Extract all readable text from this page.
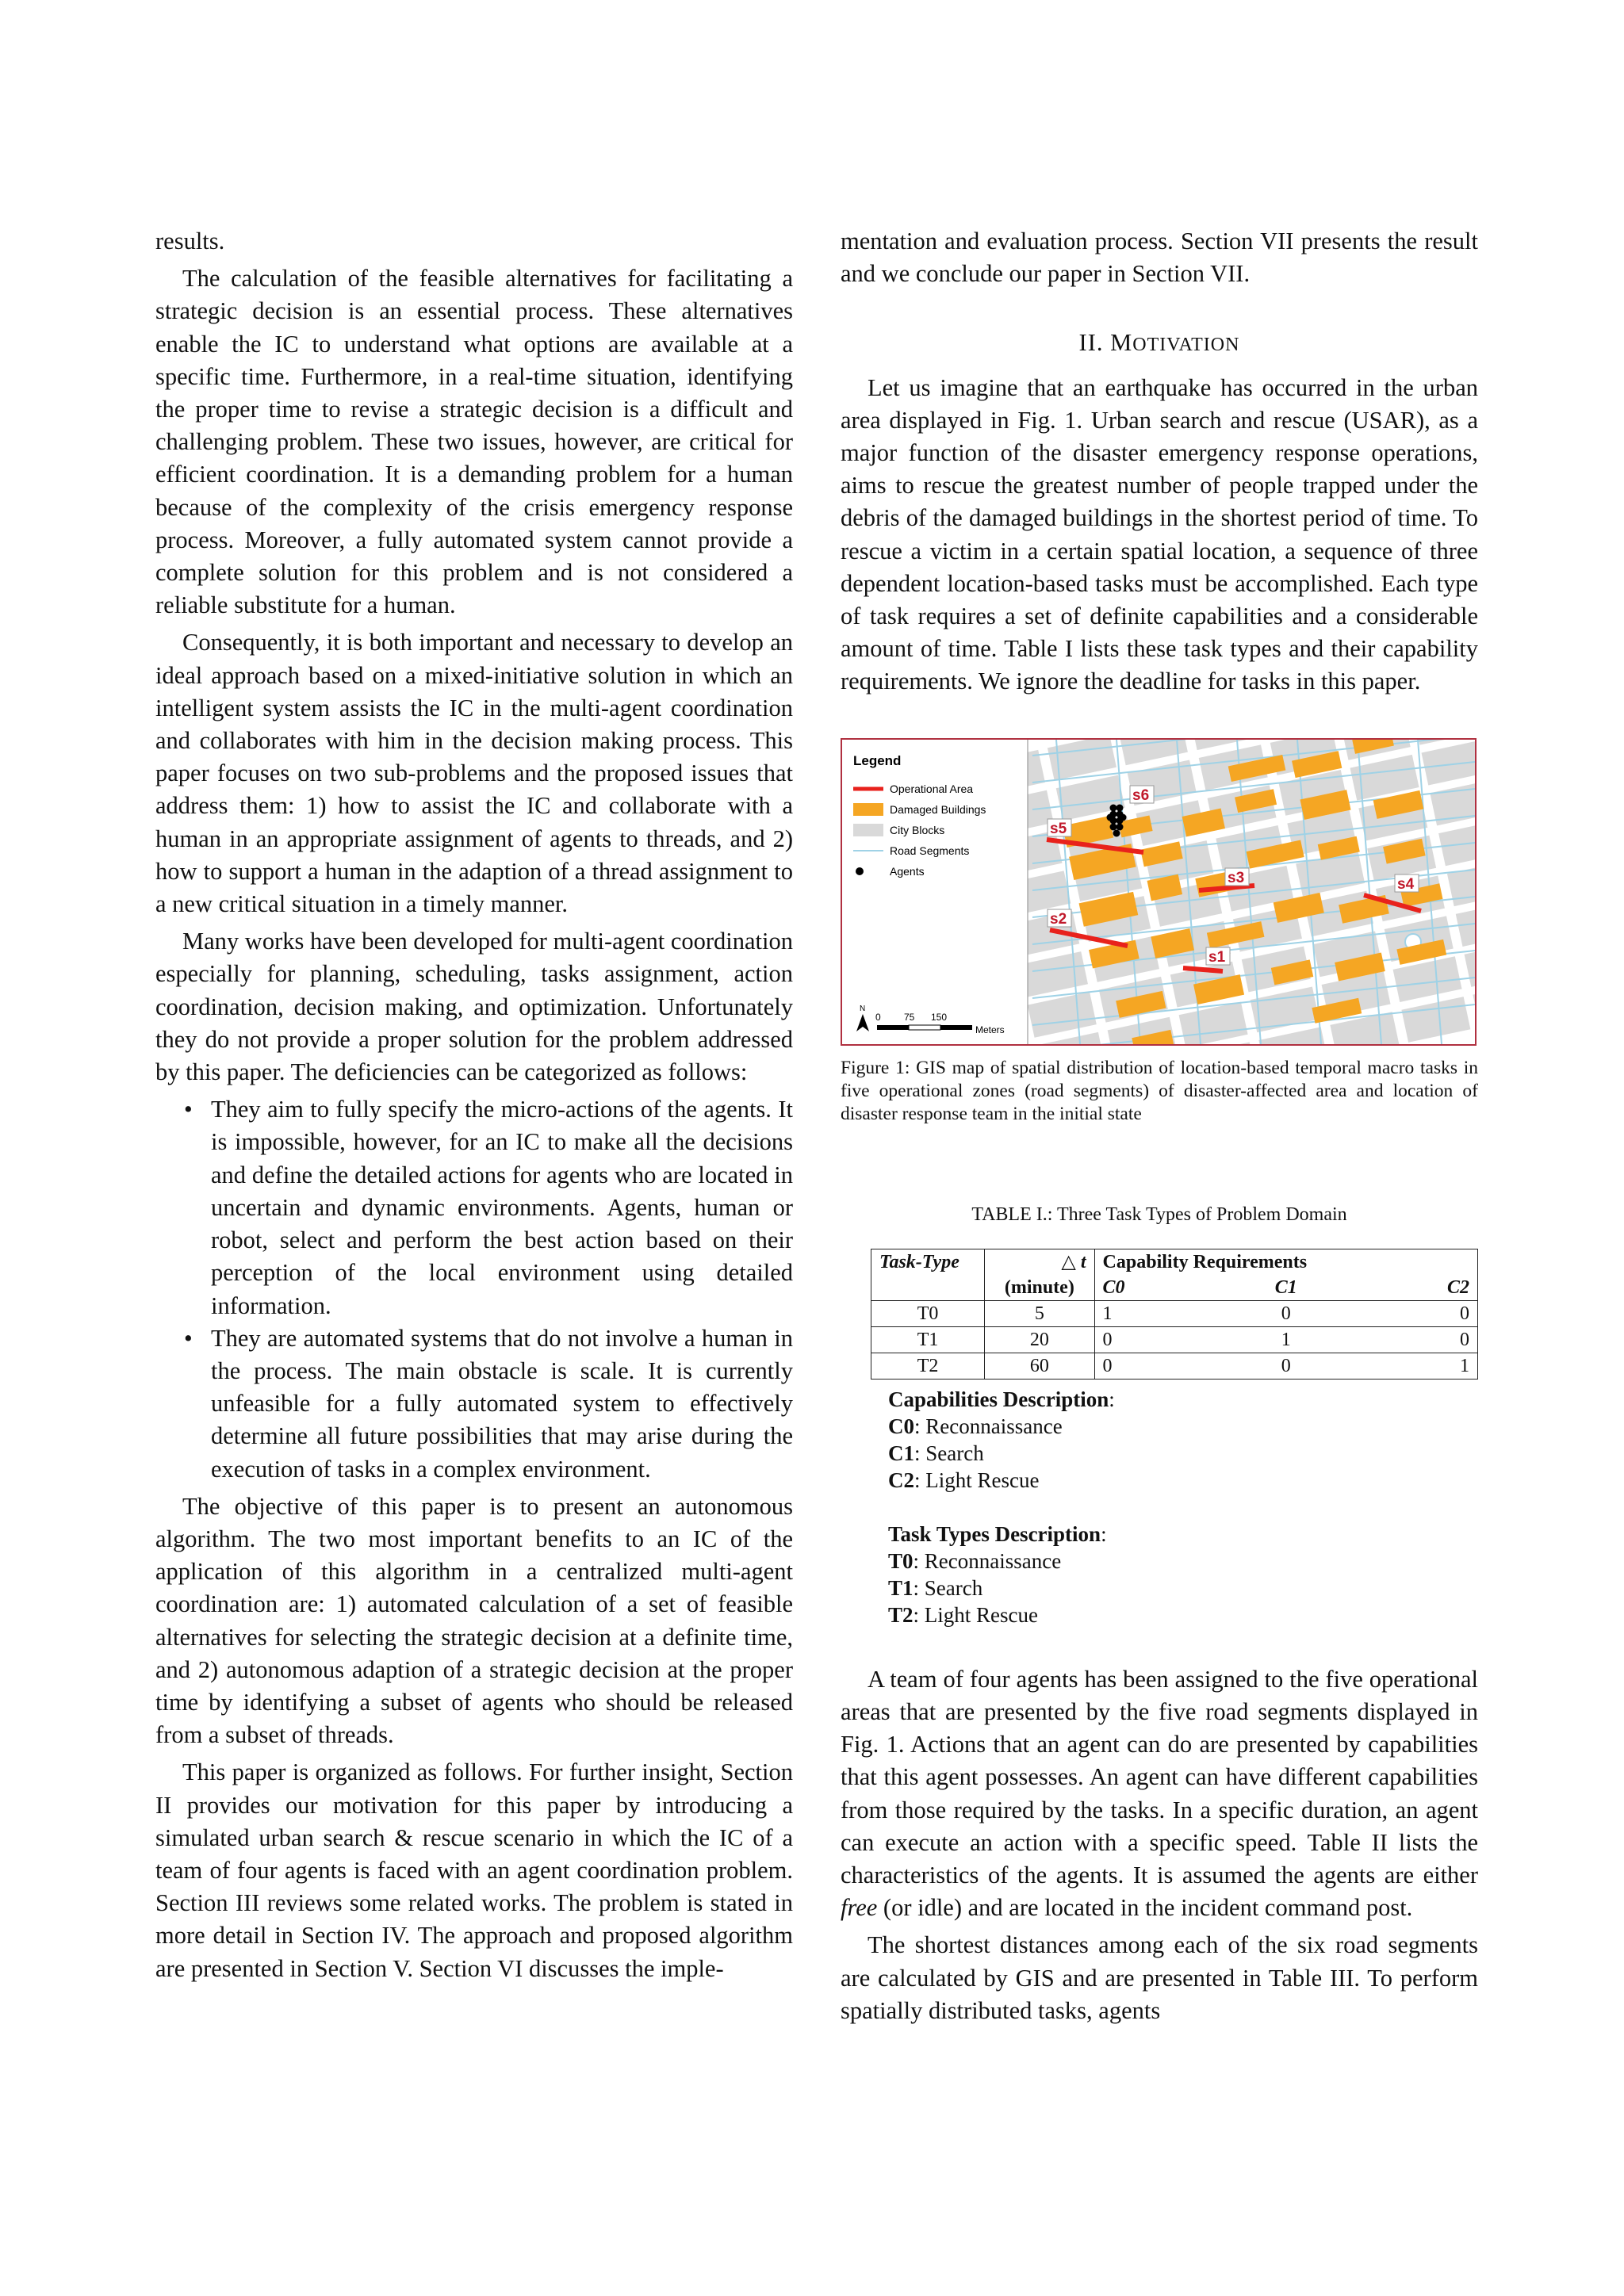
results.

The calculation of the feasible alternatives for facilitating a strategic decision is an essential process. These alternatives enable the IC to understand what options are available at a specific time. Furthermore, in a real-time situation, identifying the proper time to revise a strategic decision is a difficult and challenging problem. These two issues, however, are critical for efficient coordination. It is a demanding problem for a human because of the complexity of the crisis emergency response process. Moreover, a fully automated system cannot provide a complete solution for this problem and is not considered a reliable substitute for a human.

Consequently, it is both important and necessary to develop an ideal approach based on a mixed-initiative solution in which an intelligent system assists the IC in the multi-agent coordination and collaborates with him in the decision making process. This paper focuses on two sub-problems and the proposed issues that address them: 1) how to assist the IC and collaborate with a human in an appropriate assignment of agents to threads, and 2) how to support a human in the adaption of a thread assignment to a new critical situation in a timely manner.

Many works have been developed for multi-agent coordination especially for planning, scheduling, tasks assignment, action coordination, decision making, and optimization. Unfortunately they do not provide a proper solution for the problem addressed by this paper. The deficiencies can be categorized as follows:

• They aim to fully specify the micro-actions of the agents. It is impossible, however, for an IC to make all the decisions and define the detailed actions for agents who are located in uncertain and dynamic environments. Agents, human or robot, select and perform the best action based on their perception of the local environment using detailed information.
• They are automated systems that do not involve a human in the process. The main obstacle is scale. It is currently unfeasible for a fully automated system to effectively determine all future possibilities that may arise during the execution of tasks in a complex environment.

The objective of this paper is to present an autonomous algorithm. The two most important benefits to an IC of the application of this algorithm in a centralized multi-agent coordination are: 1) automated calculation of a set of feasible alternatives for selecting the strategic decision at a definite time, and 2) autonomous adaption of a strategic decision at the proper time by identifying a subset of agents who should be released from a subset of threads.

This paper is organized as follows. For further insight, Section II provides our motivation for this paper by introducing a simulated urban search & rescue scenario in which the IC of a team of four agents is faced with an agent coordination problem. Section III reviews some related works. The problem is stated in more detail in Section IV. The approach and proposed algorithm are presented in Section V. Section VI discusses the imple-

mentation and evaluation process. Section VII presents the result and we conclude our paper in Section VII.

II. MOTIVATION

Let us imagine that an earthquake has occurred in the urban area displayed in Fig. 1. Urban search and rescue (USAR), as a major function of the disaster emergency response operations, aims to rescue the greatest number of people trapped under the debris of the damaged buildings in the shortest period of time. To rescue a victim in a certain spatial location, a sequence of three dependent location-based tasks must be accomplished. Each type of task requires a set of definite capabilities and a considerable amount of time. Table I lists these task types and their capability requirements. We ignore the deadline for tasks in this paper.

s5
s3	s4
s2
s1
s6
Legend
Operational Area
Damaged Buildings
City Blocks
Road Segments
Agents
N
0 75 150
Meters
Figure 1: GIS map of spatial distribution of location-based temporal macro tasks in five operational zones (road segments) of disaster-affected area and location of disaster response team in the initial state
TABLE I.: Three Task Types of Problem Domain
Task-Type	△ t	Capability Requirements		
	(minute)	C0	C1	C2
T0	5	1	0	0
T1	20	0	1	0
T2	60	0	0	1
Capabilities Description:
C0: Reconnaissance
C1: Search
C2: Light Rescue
Task Types Description:
T0: Reconnaissance
T1: Search
T2: Light Rescue

A team of four agents has been assigned to the five operational areas that are presented by the five road segments displayed in Fig. 1. Actions that an agent can do are presented by capabilities that this agent possesses. An agent can have different capabilities from those required by the tasks. In a specific duration, an agent can execute an action with a specific speed. Table II lists the characteristics of the agents. It is assumed the agents are either free (or idle) and are located in the incident command post.

The shortest distances among each of the six road segments are calculated by GIS and are presented in Table III. To perform spatially distributed tasks, agents
